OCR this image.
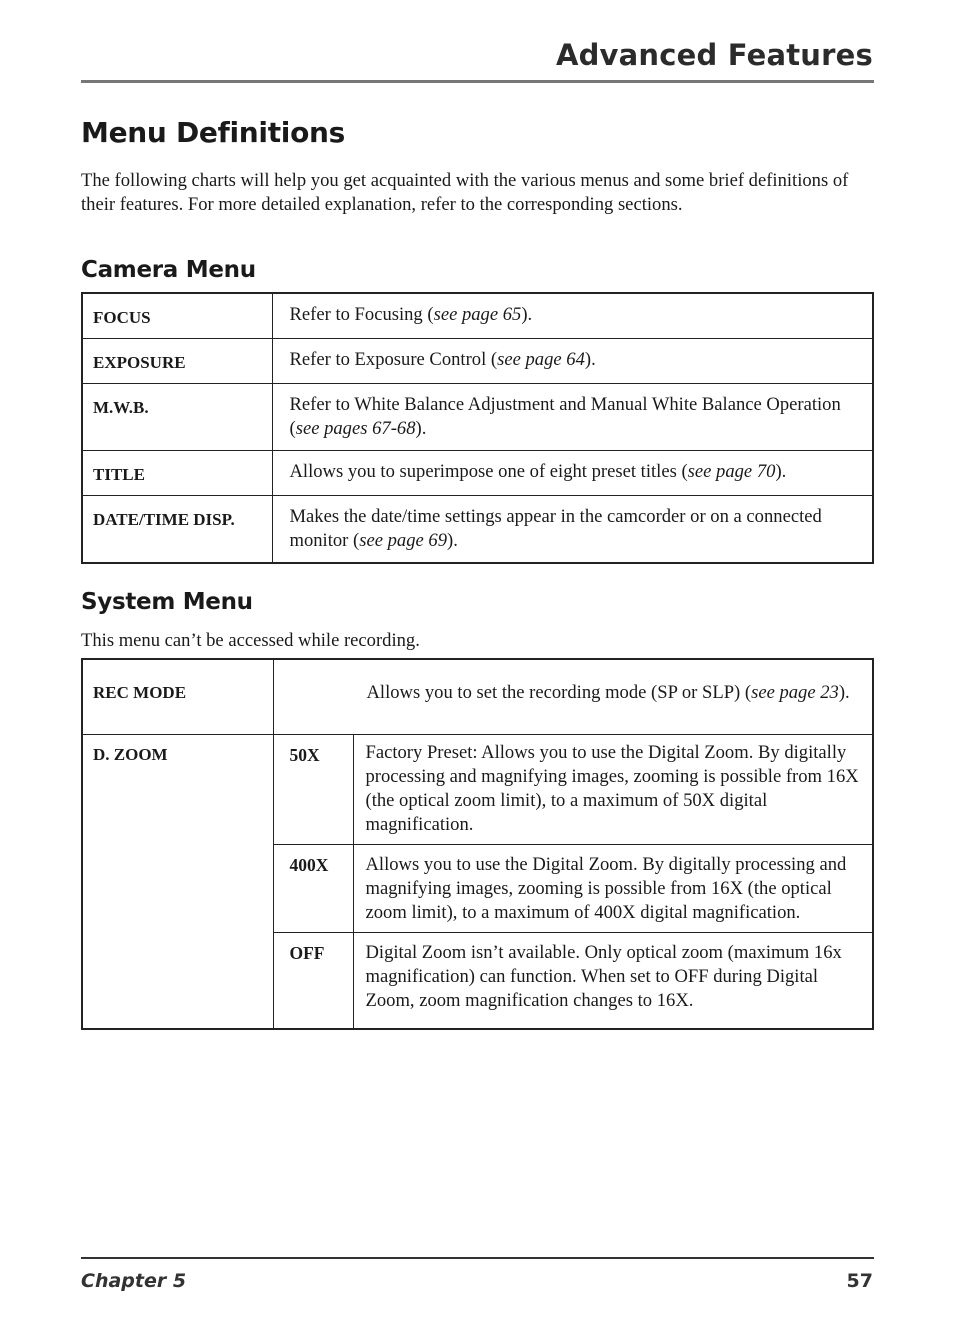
Advanced Features
Menu Definitions
The following charts will help you get acquainted with the various menus and some brief definitions of their features. For more detailed explanation, refer to the corresponding sections.
Camera Menu
FOCUS	Refer to Focusing (see page 65).
EXPOSURE	Refer to Exposure Control (see page 64).
M.W.B.	Refer to White Balance Adjustment and Manual White Balance Operation (see pages 67-68).
TITLE	Allows you to superimpose one of eight preset titles (see page 70).
DATE/TIME DISP.	Makes the date/time settings appear in the camcorder or on a connected monitor (see page 69).
System Menu
This menu can’t be accessed while recording.
REC MODE	Allows you to set the recording mode (SP or SLP) (see page 23).	
D. ZOOM	50X	Factory Preset: Allows you to use the Digital Zoom. By digitally processing and magnifying images, zooming is possible from 16X (the optical zoom limit), to a maximum of 50X digital magnification.
	400X	Allows you to use the Digital Zoom. By digitally processing and magnifying images, zooming is possible from 16X (the optical zoom limit), to a maximum of 400X digital magnification.
	OFF	Digital Zoom isn’t available. Only optical zoom (maximum 16x magnification) can function. When set to OFF during Digital Zoom, zoom magnification changes to 16X.
Chapter 5	57
